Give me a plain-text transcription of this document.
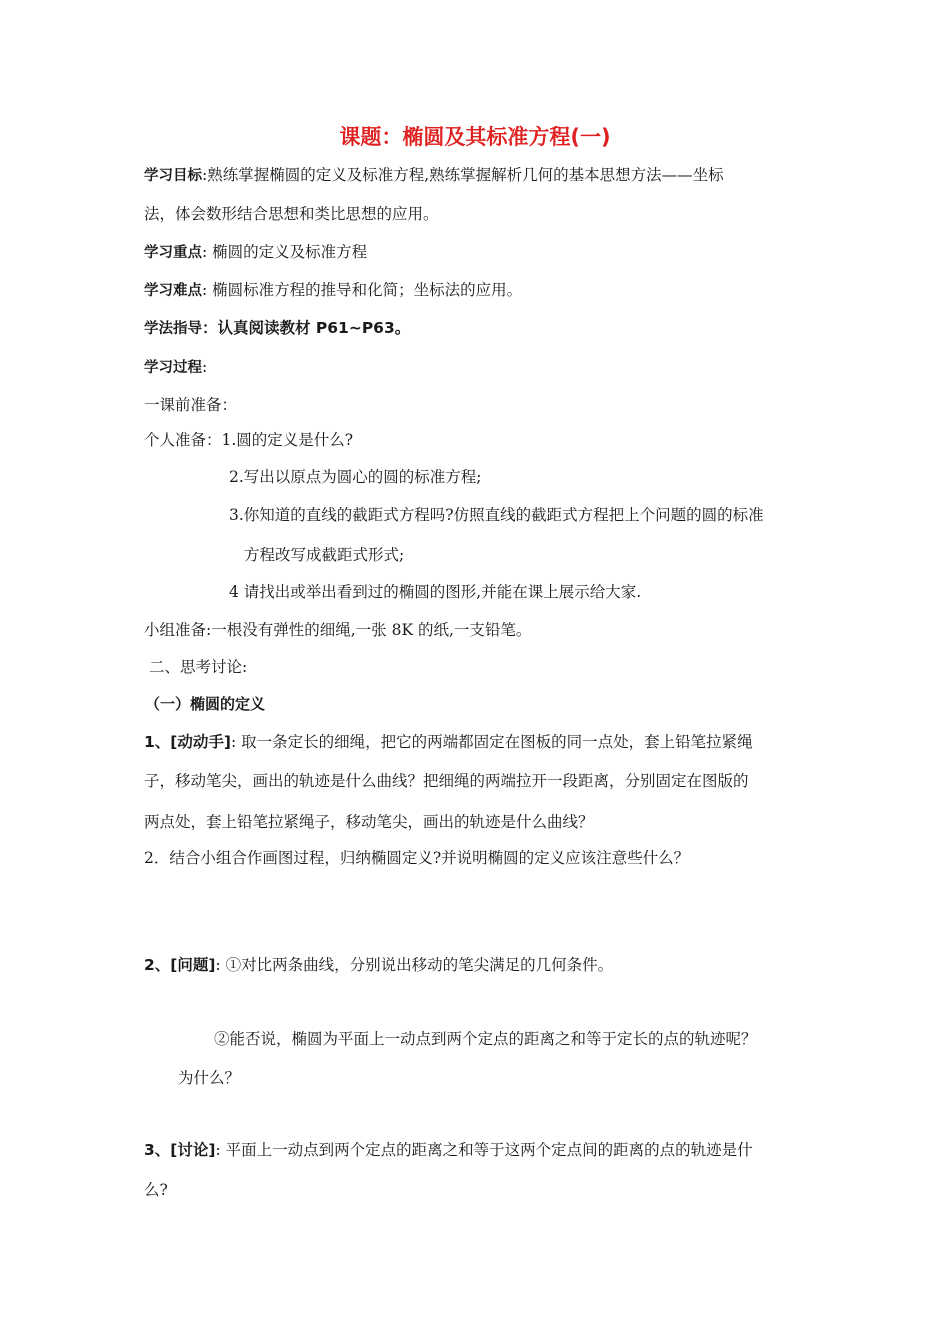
课题：椭圆及其标准方程(一)
学习目标:熟练掌握椭圆的定义及标准方程,熟练掌握解析几何的基本思想方法——坐标
法，体会数形结合思想和类比思想的应用。
学习重点: 椭圆的定义及标准方程
学习难点: 椭圆标准方程的推导和化简；坐标法的应用。
学法指导：认真阅读教材 P61~P63。
学习过程:
一课前准备：
个人准备：1.圆的定义是什么?
2.写出以原点为圆心的圆的标准方程;
3.你知道的直线的截距式方程吗?仿照直线的截距式方程把上个问题的圆的标准
方程改写成截距式形式;
4 请找出或举出看到过的椭圆的图形,并能在课上展示给大家.
小组准备:一根没有弹性的细绳,一张 8K 的纸,一支铅笔。
二、思考讨论:
（一）椭圆的定义
1、[动动手]: 取一条定长的细绳，把它的两端都固定在图板的同一点处，套上铅笔拉紧绳
子，移动笔尖，画出的轨迹是什么曲线？把细绳的两端拉开一段距离，分别固定在图版的
两点处，套上铅笔拉紧绳子，移动笔尖，画出的轨迹是什么曲线？
2．结合小组合作画图过程，归纳椭圆定义?并说明椭圆的定义应该注意些什么？
2、[问题]: ①对比两条曲线，分别说出移动的笔尖满足的几何条件。
②能否说，椭圆为平面上一动点到两个定点的距离之和等于定长的点的轨迹呢？
为什么？
3、[讨论]: 平面上一动点到两个定点的距离之和等于这两个定点间的距离的点的轨迹是什
么?
